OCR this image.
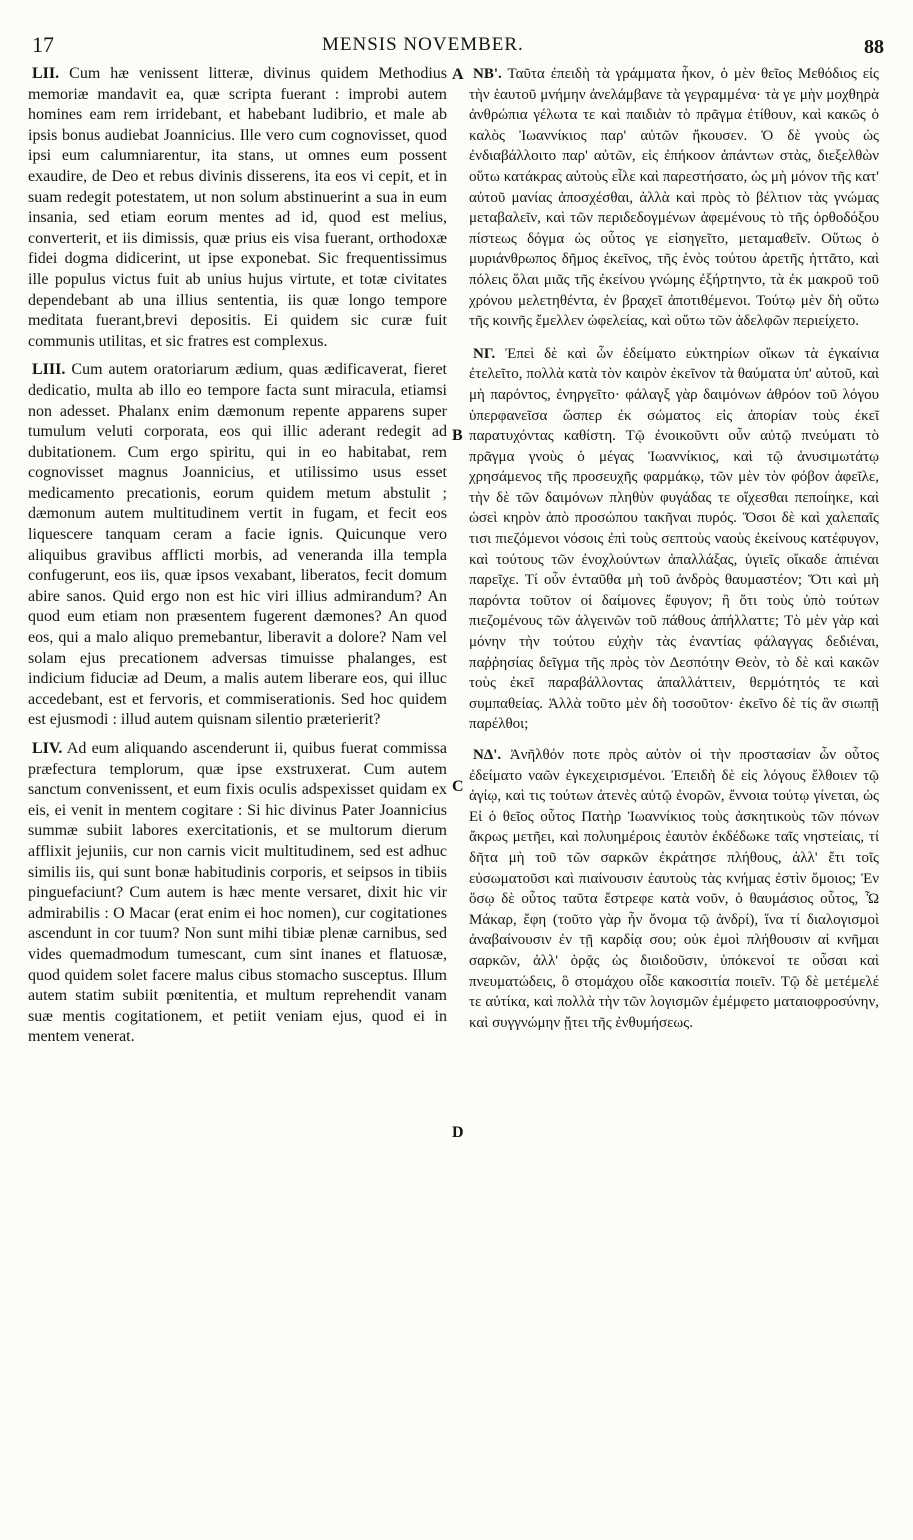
17	MENSIS NOVEMBER.	88
A
B
C
D

LII. Cum hæ venissent litteræ, divinus quidem Methodius memoriæ mandavit ea, quæ scripta fuerant : improbi autem homines eam rem irridebant, et habebant ludibrio, et male ab ipsis bonus audiebat Joannicius. Ille vero cum cognovisset, quod ipsi eum calumniarentur, ita stans, ut omnes eum possent exaudire, de Deo et rebus divinis disserens, ita eos vi cepit, et in suam redegit potestatem, ut non solum abstinuerint a sua in eum insania, sed etiam eorum mentes ad id, quod est melius, converterit, et iis dimissis, quæ prius eis visa fuerant, orthodoxæ fidei dogma didicerint, ut ipse exponebat. Sic frequentissimus ille populus victus fuit ab unius hujus virtute, et totæ civitates dependebant ab una illius sententia, iis quæ longo tempore meditata fuerant,brevi depositis. Ei quidem sic curæ fuit communis utilitas, et sic fratres est complexus.

LIII. Cum autem oratoriarum ædium, quas ædificaverat, fieret dedicatio, multa ab illo eo tempore facta sunt miracula, etiamsi non adesset. Phalanx enim dæmonum repente apparens super tumulum veluti corporata, eos qui illic aderant redegit ad dubitationem. Cum ergo spiritu, qui in eo habitabat, rem cognovisset magnus Joannicius, et utilissimo usus esset medicamento precationis, eorum quidem metum abstulit ; dæmonum autem multitudinem vertit in fugam, et fecit eos liquescere tanquam ceram a facie ignis. Quicunque vero aliquibus gravibus afflicti morbis, ad veneranda illa templa confugerunt, eos iis, quæ ipsos vexabant, liberatos, fecit domum abire sanos. Quid ergo non est hic viri illius admirandum? An quod eum etiam non præsentem fugerent dæmones? An quod eos, qui a malo aliquo premebantur, liberavit a dolore? Nam vel solam ejus precationem adversas timuisse phalanges, est indicium fiduciæ ad Deum, a malis autem liberare eos, qui illuc accedebant, est et fervoris, et commiserationis. Sed hoc quidem est ejusmodi : illud autem quisnam silentio præterierit?

LIV. Ad eum aliquando ascenderunt ii, quibus fuerat commissa præfectura templorum, quæ ipse exstruxerat. Cum autem sanctum convenissent, et eum fixis oculis adspexisset quidam ex eis, ei venit in mentem cogitare : Si hic divinus Pater Joannicius summæ subiit labores exercitationis, et se multorum dierum afflixit jejuniis, cur non carnis vicit multitudinem, sed est adhuc similis iis, qui sunt bonæ habitudinis corporis, et seipsos in tibiis pinguefaciunt? Cum autem is hæc mente versaret, dixit hic vir admirabilis : O Macar (erat enim ei hoc nomen), cur cogitationes ascendunt in cor tuum? Non sunt mihi tibiæ plenæ carnibus, sed vides quemadmodum tumescant, cum sint inanes et flatuosæ, quod quidem solet facere malus cibus stomacho susceptus. Illum autem statim subiit pœnitentia, et multum reprehendit vanam suæ mentis cogitationem, et petiit veniam ejus, quod ei in mentem venerat.

ΝΒ'. Ταῦτα ἐπειδὴ τὰ γράμματα ἧκον, ὁ μὲν θεῖος Μεθόδιος εἰς τὴν ἑαυτοῦ μνήμην ἀνελάμβανε τὰ γεγραμμένα· τὰ γε μὴν μοχθηρὰ ἀνθρώπια γέλωτα τε καὶ παιδιὰν τὸ πρᾶγμα ἐτίθουν, καὶ κακῶς ὁ καλὸς Ἰωαννίκιος παρ' αὐτῶν ἤκουσεν. Ὁ δὲ γνοὺς ὡς ἐνδιαβάλλοιτο παρ' αὐτῶν, εἰς ἐπήκοον ἁπάντων στὰς, διεξελθὼν οὕτω κατάκρας αὐτοὺς εἷλε καὶ παρεστήσατο, ὡς μὴ μόνον τῆς κατ' αὐτοῦ μανίας ἀποσχέσθαι, ἀλλὰ καὶ πρὸς τὸ βέλτιον τὰς γνώμας μεταβαλεῖν, καὶ τῶν περιδεδογμένων ἀφεμένους τὸ τῆς ὀρθοδόξου πίστεως δόγμα ὡς οὗτος γε εἰσηγεῖτο, μεταμαθεῖν. Οὕτως ὁ μυριάνθρωπος δῆμος ἐκεῖνος, τῆς ἑνὸς τούτου ἀρετῆς ἡττᾶτο, καὶ πόλεις ὅλαι μιᾶς τῆς ἐκείνου γνώμης ἐξήρτηντο, τὰ ἐκ μακροῦ τοῦ χρόνου μελετηθέντα, ἐν βραχεῖ ἀποτιθέμενοι. Τούτῳ μὲν δὴ οὕτω τῆς κοινῆς ἔμελλεν ὠφελείας, καὶ οὕτω τῶν ἀδελφῶν περιείχετο.

ΝΓ. Ἐπεὶ δὲ καὶ ὧν ἐδείματο εὐκτηρίων οἴκων τὰ ἐγκαίνια ἐτελεῖτο, πολλὰ κατὰ τὸν καιρὸν ἐκεῖνον τὰ θαύματα ὑπ' αὐτοῦ, καὶ μὴ παρόντος, ἐνηργεῖτο· φάλαγξ γὰρ δαιμόνων ἀθρόον τοῦ λόγου ὑπερφανεῖσα ὥσπερ ἐκ σώματος εἰς ἀπορίαν τοὺς ἐκεῖ παρατυχόντας καθίστη. Τῷ ἐνοικοῦντι οὖν αὐτῷ πνεύματι τὸ πρᾶγμα γνοὺς ὁ μέγας Ἰωαννίκιος, καὶ τῷ ἀνυσιμωτάτῳ χρησάμενος τῆς προσευχῆς φαρμάκῳ, τῶν μὲν τὸν φόβον ἀφεῖλε, τὴν δὲ τῶν δαιμόνων πληθὺν φυγάδας τε οἴχεσθαι πεποίηκε, καὶ ὡσεὶ κηρὸν ἀπὸ προσώπου τακῆναι πυρός. Ὅσοι δὲ καὶ χαλεπαῖς τισι πιεζόμενοι νόσοις ἐπὶ τοὺς σεπτοὺς ναοὺς ἐκείνους κατέφυγον, καὶ τούτους τῶν ἐνοχλούντων ἀπαλλάξας, ὑγιεῖς οἴκαδε ἀπιέναι παρεῖχε. Τί οὖν ἐνταῦθα μὴ τοῦ ἀνδρὸς θαυμαστέον; Ὅτι καὶ μὴ παρόντα τοῦτον οἱ δαίμονες ἔφυγον; ἢ ὅτι τοὺς ὑπὸ τούτων πιεζομένους τῶν ἀλγεινῶν τοῦ πάθους ἀπήλλαττε; Τὸ μὲν γὰρ καὶ μόνην τὴν τούτου εὐχὴν τὰς ἐναντίας φάλαγγας δεδιέναι, παῤῥησίας δεῖγμα τῆς πρὸς τὸν Δεσπότην Θεὸν, τὸ δὲ καὶ κακῶν τοὺς ἐκεῖ παραβάλλοντας ἀπαλλάττειν, θερμότητός τε καὶ συμπαθείας. Ἀλλὰ τοῦτο μὲν δὴ τοσοῦτον· ἐκεῖνο δὲ τίς ἂν σιωπῇ παρέλθοι;

ΝΔ'. Ἀνῆλθόν ποτε πρὸς αὐτὸν οἱ τὴν προστασίαν ὧν οὗτος ἐδείματο ναῶν ἐγκεχειρισμένοι. Ἐπειδὴ δὲ εἰς λόγους ἔλθοιεν τῷ ἁγίῳ, καὶ τις τούτων ἀτενὲς αὐτῷ ἐνορῶν, ἔννοια τούτῳ γίνεται, ὡς Εἰ ὁ θεῖος οὗτος Πατὴρ Ἰωαννίκιος τοὺς ἀσκητικοὺς τῶν πόνων ἄκρως μετῆει, καὶ πολυημέροις ἑαυτὸν ἐκδέδωκε ταῖς νηστείαις, τί δῆτα μὴ τοῦ τῶν σαρκῶν ἐκράτησε πλήθους, ἀλλ' ἔτι τοῖς εὐσωματοῦσι καὶ πιαίνουσιν ἑαυτοὺς τὰς κνήμας ἐστὶν ὅμοιος; Ἐν ὅσῳ δὲ οὗτος ταῦτα ἔστρεφε κατὰ νοῦν, ὁ θαυμάσιος οὗτος, Ὦ Μάκαρ, ἔφη (τοῦτο γὰρ ἦν ὄνομα τῷ ἀνδρί), ἵνα τί διαλογισμοὶ ἀναβαίνουσιν ἐν τῇ καρδίᾳ σου; οὐκ ἐμοὶ πλήθουσιν αἱ κνῆμαι σαρκῶν, ἀλλ' ὁρᾷς ὡς διοιδοῦσιν, ὑπόκενοί τε οὖσαι καὶ πνευματώδεις, ὃ στομάχου οἶδε κακοσιτία ποιεῖν. Τῷ δὲ μετέμελέ τε αὐτίκα, καὶ πολλὰ τὴν τῶν λογισμῶν ἐμέμφετο ματαιοφροσύνην, καὶ συγγνώμην ᾔτει τῆς ἐνθυμήσεως.
